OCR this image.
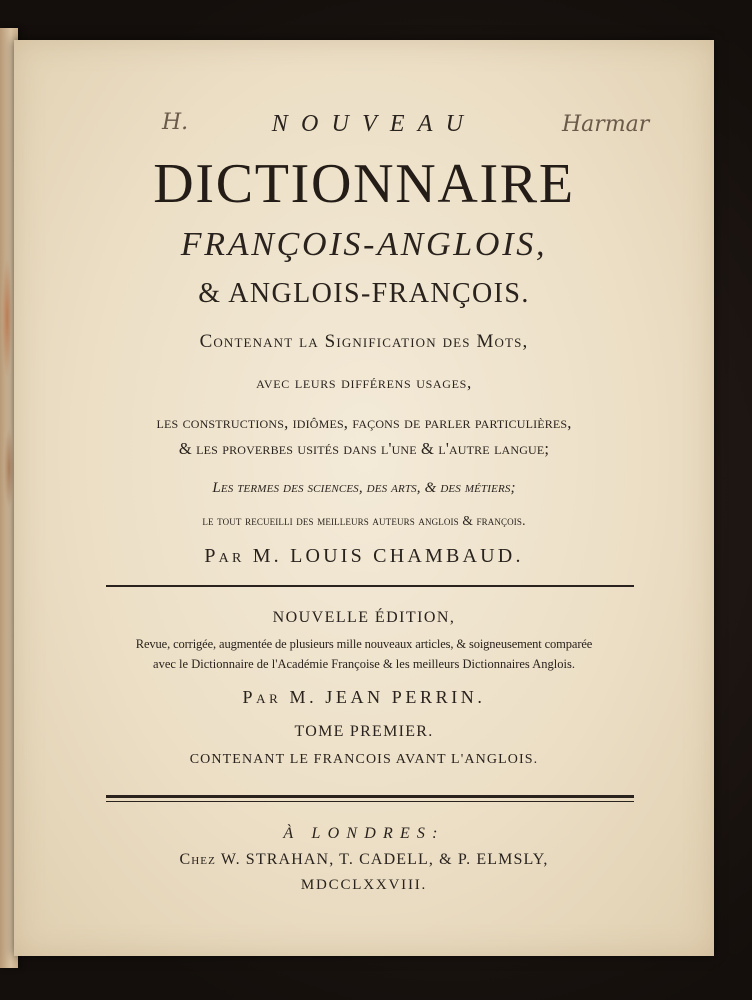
H.	Harmar
NOUVEAU
DICTIONNAIRE
FRANÇOIS-ANGLOIS,
& ANGLOIS-FRANÇOIS.
Contenant la Signification des Mots,
avec leurs différens usages,
les constructions, idiômes, façons de parler particulières,
& les proverbes usités dans l'une & l'autre langue;
Les termes des sciences, des arts, & des métiers;
le tout recueilli des meilleurs auteurs anglois & françois.
Par M. LOUIS CHAMBAUD.
NOUVELLE ÉDITION,
Revue, corrigée, augmentée de plusieurs mille nouveaux articles, & soigneusement comparée
avec le Dictionnaire de l'Académie Françoise & les meilleurs Dictionnaires Anglois.
Par M. JEAN PERRIN.
TOME PREMIER.
CONTENANT LE FRANCOIS AVANT L'ANGLOIS.
À LONDRES:
Chez W. STRAHAN, T. CADELL, & P. ELMSLY,
MDCCLXXVIII.
